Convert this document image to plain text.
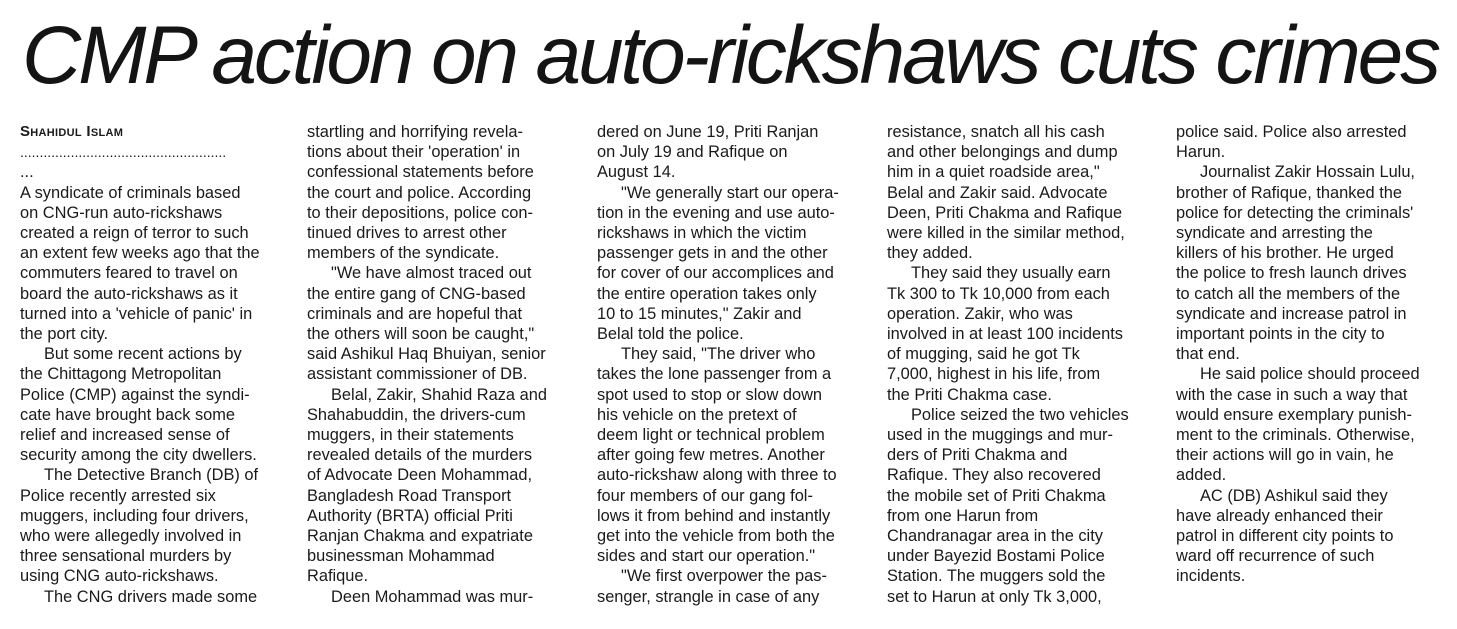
CMP action on auto-rickshaws cuts crimes
Shahidul Islam
.....................................................
...
A syndicate of criminals based
on CNG-run auto-rickshaws
created a reign of terror to such
an extent few weeks ago that the
commuters feared to travel on
board the auto-rickshaws as it
turned into a 'vehicle of panic' in
the port city.
But some recent actions by
the Chittagong Metropolitan
Police (CMP) against the syndi-
cate have brought back some
relief and increased sense of
security among the city dwellers.
The Detective Branch (DB) of
Police recently arrested six
muggers, including four drivers,
who were allegedly involved in
three sensational murders by
using CNG auto-rickshaws.
The CNG drivers made some
startling and horrifying revela-
tions about their 'operation' in
confessional statements before
the court and police. According
to their depositions, police con-
tinued drives to arrest other
members of the syndicate.
"We have almost traced out
the entire gang of CNG-based
criminals and are hopeful that
the others will soon be caught,"
said Ashikul Haq Bhuiyan, senior
assistant commissioner of DB.
Belal, Zakir, Shahid Raza and
Shahabuddin, the drivers-cum
muggers, in their statements
revealed details of the murders
of Advocate Deen Mohammad,
Bangladesh Road Transport
Authority (BRTA) official Priti
Ranjan Chakma and expatriate
businessman Mohammad
Rafique.
Deen Mohammad was mur-
dered on June 19, Priti Ranjan
on July 19 and Rafique on
August 14.
"We generally start our opera-
tion in the evening and use auto-
rickshaws in which the victim
passenger gets in and the other
for cover of our accomplices and
the entire operation takes only
10 to 15 minutes," Zakir and
Belal told the police.
They said, "The driver who
takes the lone passenger from a
spot used to stop or slow down
his vehicle on the pretext of
deem light or technical problem
after going few metres. Another
auto-rickshaw along with three to
four members of our gang fol-
lows it from behind and instantly
get into the vehicle from both the
sides and start our operation."
"We first overpower the pas-
senger, strangle in case of any
resistance, snatch all his cash
and other belongings and dump
him in a quiet roadside area,"
Belal and Zakir said. Advocate
Deen, Priti Chakma and Rafique
were killed in the similar method,
they added.
They said they usually earn
Tk 300 to Tk 10,000 from each
operation. Zakir, who was
involved in at least 100 incidents
of mugging, said he got Tk
7,000, highest in his life, from
the Priti Chakma case.
Police seized the two vehicles
used in the muggings and mur-
ders of Priti Chakma and
Rafique. They also recovered
the mobile set of Priti Chakma
from one Harun from
Chandranagar area in the city
under Bayezid Bostami Police
Station. The muggers sold the
set to Harun at only Tk 3,000,
police said. Police also arrested
Harun.
Journalist Zakir Hossain Lulu,
brother of Rafique, thanked the
police for detecting the criminals'
syndicate and arresting the
killers of his brother. He urged
the police to fresh launch drives
to catch all the members of the
syndicate and increase patrol in
important points in the city to
that end.
He said police should proceed
with the case in such a way that
would ensure exemplary punish-
ment to the criminals. Otherwise,
their actions will go in vain, he
added.
AC (DB) Ashikul said they
have already enhanced their
patrol in different city points to
ward off recurrence of such
incidents.
